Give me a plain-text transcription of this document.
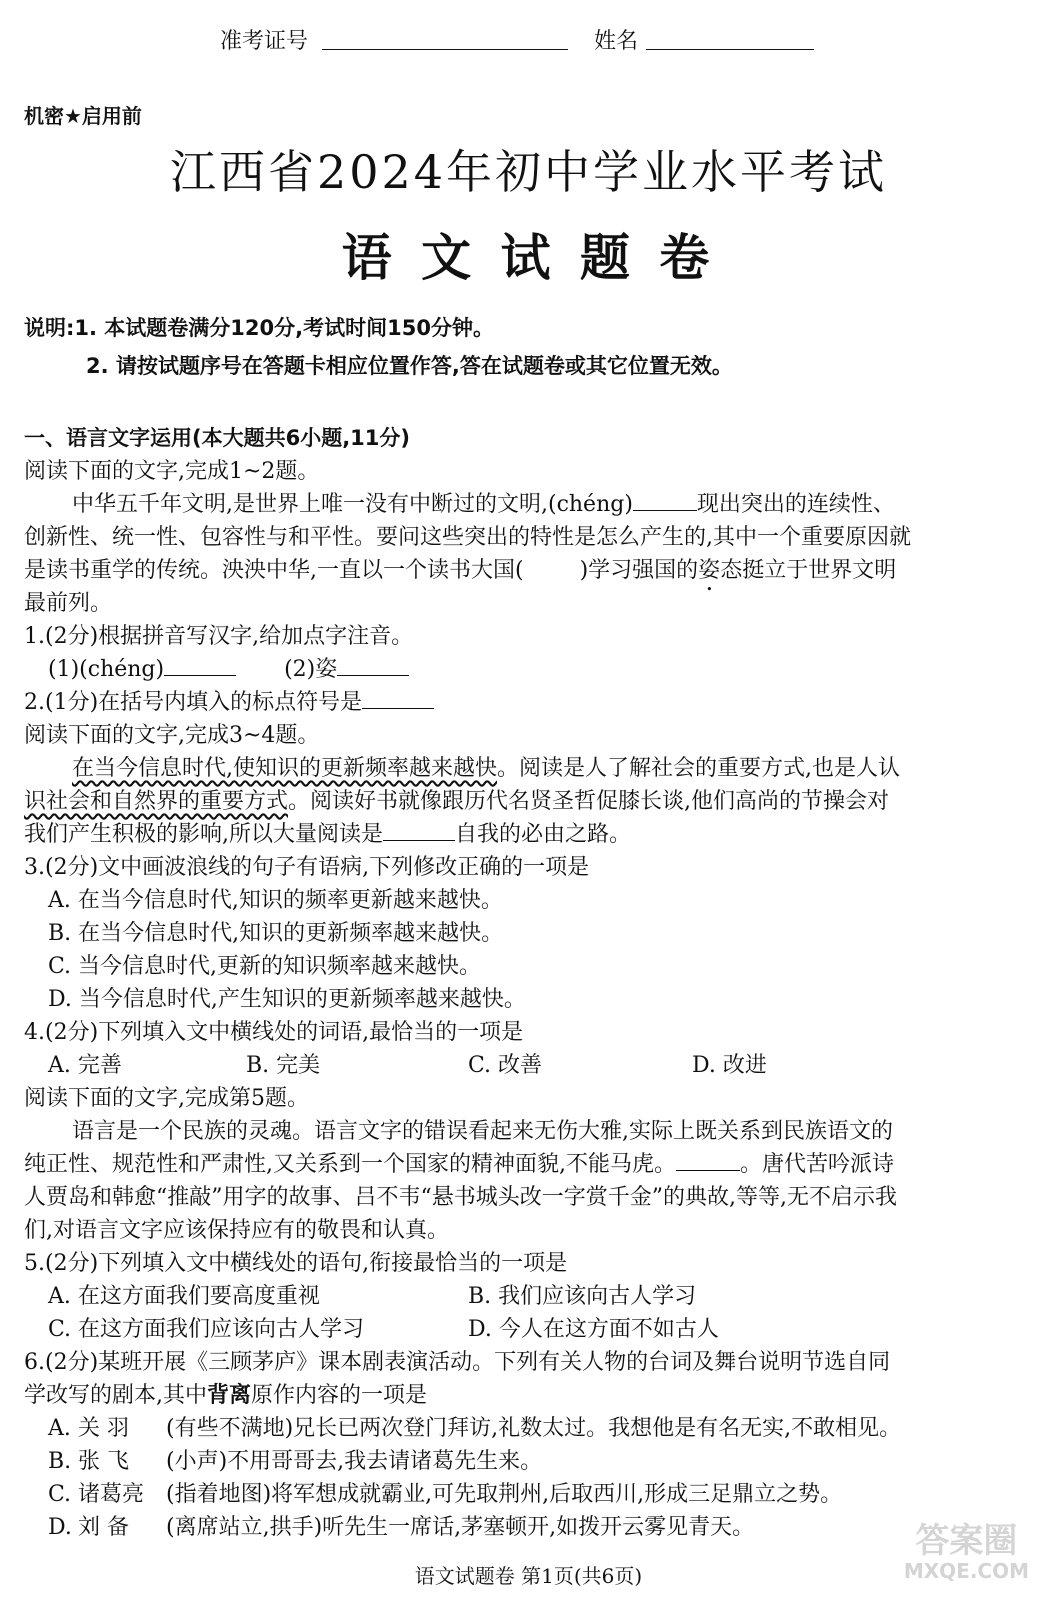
准考证号	姓名
机密★启用前
江西省2024年初中学业水平考试
语 文 试 题 卷
说明:1. 本试题卷满分120分,考试时间150分钟。
2. 请按试题序号在答题卡相应位置作答,答在试题卷或其它位置无效。
一、语言文字运用(本大题共6小题,11分)
阅读下面的文字,完成1~2题。
中华五千年文明,是世界上唯一没有中断过的文明,(chéng)	现出突出的连续性、
创新性、统一性、包容性与和平性。要问这些突出的特性是怎么产生的,其中一个重要原因就
是读书重学的传统。泱泱中华,一直以一个读书大国(	)学习强国的姿态挺立于世界文明
最前列。
1.(2分)根据拼音写汉字,给加点字注音。
(1)(chéng)	(2)姿
2.(1分)在括号内填入的标点符号是
阅读下面的文字,完成3~4题。
在当今信息时代,使知识的更新频率越来越快。阅读是人了解社会的重要方式,也是人认
识社会和自然界的重要方式。阅读好书就像跟历代名贤圣哲促膝长谈,他们高尚的节操会对
我们产生积极的影响,所以大量阅读是	自我的必由之路。
3.(2分)文中画波浪线的句子有语病,下列修改正确的一项是
A. 在当今信息时代,知识的频率更新越来越快。
B. 在当今信息时代,知识的更新频率越来越快。
C. 当今信息时代,更新的知识频率越来越快。
D. 当今信息时代,产生知识的更新频率越来越快。
4.(2分)下列填入文中横线处的词语,最恰当的一项是
A. 完善	B. 完美	C. 改善	D. 改进
阅读下面的文字,完成第5题。
语言是一个民族的灵魂。语言文字的错误看起来无伤大雅,实际上既关系到民族语文的
纯正性、规范性和严肃性,又关系到一个国家的精神面貌,不能马虎。	。唐代苦吟派诗
人贾岛和韩愈“推敲”用字的故事、吕不韦“悬书城头改一字赏千金”的典故,等等,无不启示我
们,对语言文字应该保持应有的敬畏和认真。
5.(2分)下列填入文中横线处的语句,衔接最恰当的一项是
A. 在这方面我们要高度重视	B. 我们应该向古人学习
C. 在这方面我们应该向古人学习	D. 今人在这方面不如古人
6.(2分)某班开展《三顾茅庐》课本剧表演活动。下列有关人物的台词及舞台说明节选自同
学改写的剧本,其中背离原作内容的一项是
A. 关 羽 (有些不满地)兄长已两次登门拜访,礼数太过。我想他是有名无实,不敢相见。
B. 张 飞 (小声)不用哥哥去,我去请诸葛先生来。
C. 诸葛亮 (指着地图)将军想成就霸业,可先取荆州,后取西川,形成三足鼎立之势。
D. 刘 备 (离席站立,拱手)听先生一席话,茅塞顿开,如拨开云雾见青天。
语文试题卷 第1页(共6页)
答案圈
MXQE.COM
